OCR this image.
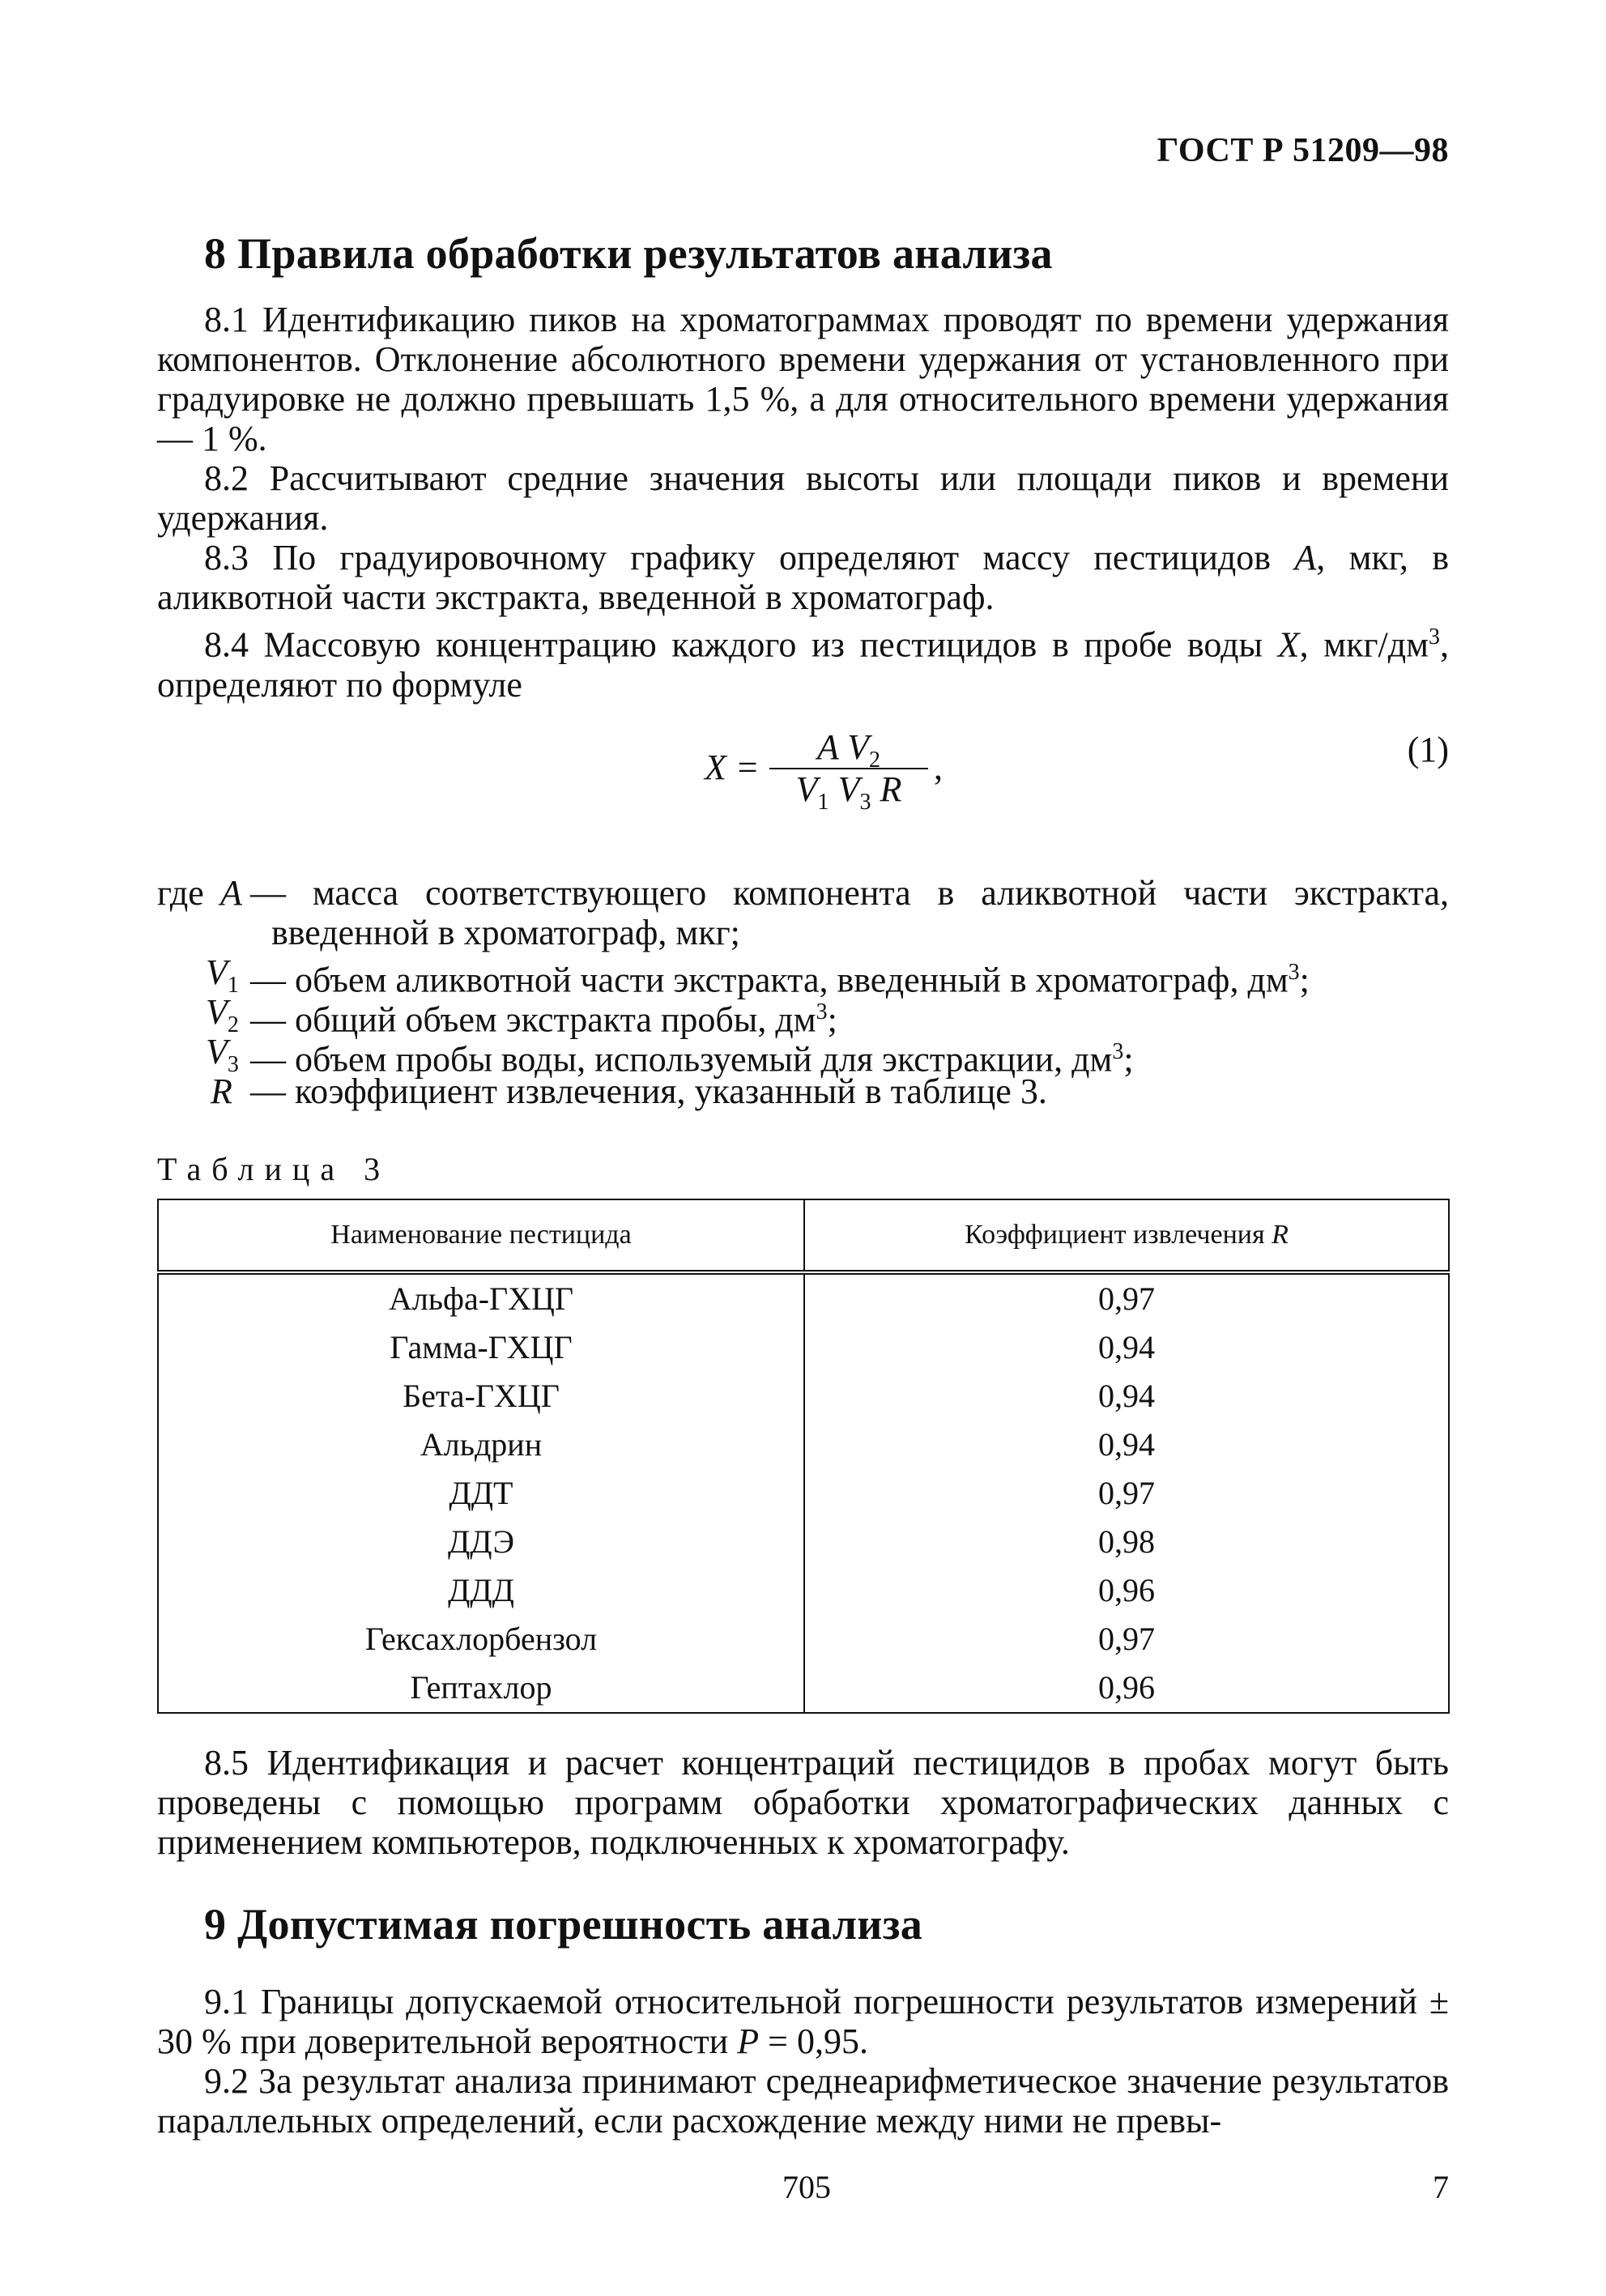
ГОСТ Р 51209—98
8 Правила обработки результатов анализа

8.1 Идентификацию пиков на хроматограммах проводят по времени удержания компонентов. Отклонение абсолютного времени удержания от установленного при градуировке не должно превышать 1,5 %, а для относительного времени удержания — 1 %.

8.2 Рассчитывают средние значения высоты или площади пиков и времени удержания.

8.3 По градуировочному графику определяют массу пестицидов A, мкг, в аликвотной части экстракта, введенной в хроматограф.

8.4 Массовую концентрацию каждого из пестицидов в пробе воды X, мкг/$дм^3$, определяют по формуле

X =
A $V_2$
$V_1$ $V_3$ R
,	(1)
где A — масса соответствующего компонента в аликвотной части экстракта,
введенной в хроматограф, мкг;
$V_1$ — объем аликвотной части экстракта, введенный в хроматограф, $дм^3$;
$V_2$ — общий объем экстракта пробы, $дм^3$;
$V_3$ — объем пробы воды, используемый для экстракции, $дм^3$;
R — коэффициент извлечения, указанный в таблице 3.
Таблица 3
Наименование пестицида	Коэффициент извлечения R
Альфа-ГХЦГ	0,97
Гамма-ГХЦГ	0,94
Бета-ГХЦГ	0,94
Альдрин	0,94
ДДТ	0,97
ДДЭ	0,98
ДДД	0,96
Гексахлорбензол	0,97
Гептахлор	0,96

8.5 Идентификация и расчет концентраций пестицидов в пробах могут быть проведены с помощью программ обработки хроматографических данных с применением компьютеров, подключенных к хроматографу.

9 Допустимая погрешность анализа

9.1 Границы допускаемой относительной погрешности результатов измерений ± 30 % при доверительной вероятности P = 0,95.

9.2 За результат анализа принимают среднеарифметическое значение результатов параллельных определений, если расхождение между ними не превы-

705	7
